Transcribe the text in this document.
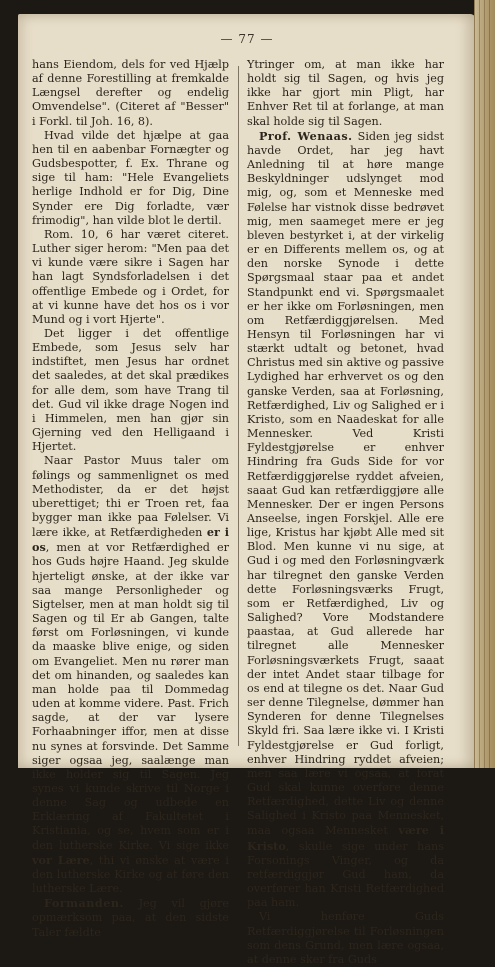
— 77 —

hans Eiendom, dels for ved Hjælp af denne Forestilling at fremkalde Længsel derefter og endelig Omvendelse". (Citeret af "Besser" i Forkl. til Joh. 16, 8).

Hvad vilde det hjælpe at gaa hen til en aabenbar Fornægter og Gudsbespotter, f. Ex. Thrane og sige til ham: "Hele Evangeliets herlige Indhold er for Dig, Dine Synder ere Dig forladte, vær frimodig", han vilde blot le dertil.

Rom. 10, 6 har været citeret. Luther siger herom: "Men paa det vi kunde være sikre i Sagen har han lagt Syndsforladelsen i det offentlige Embede og i Ordet, for at vi kunne have det hos os i vor Mund og i vort Hjerte".

Det ligger i det offentlige Embede, som Jesus selv har indstiftet, men Jesus har ordnet det saaledes, at det skal prædikes for alle dem, som have Trang til det. Gud vil ikke drage Nogen ind i Himmelen, men han gjør sin Gjerning ved den Helligaand i Hjertet.

Naar Pastor Muus taler om følings og sammenlignet os med Methodister, da er det højst uberettiget; thi er Troen ret, faa bygger man ikke paa Følelser. Vi lære ikke, at Retfærdigheden er i os, men at vor Retfærdighed er hos Guds højre Haand. Jeg skulde hjerteligt ønske, at der ikke var saa mange Personligheder og Sigtelser, men at man holdt sig til Sagen og til Er ab Gangen, talte først om Forløsningen, vi kunde da maaske blive enige, og siden om Evangeliet. Men nu rører man det om hinanden, og saaledes kan man holde paa til Dommedag uden at komme videre. Past. Frich sagde, at der var lysere Forhaabninger iffor, men at disse nu synes at forsvinde. Det Samme siger ogsaa jeg, saalænge man ikke holder sig til Sagen. Jeg synes vi kunde skrive til Norge i denne Sag og udbede en Erklæring af Fakultetet i Kristiania, og se, hvem som er i den lutherske Kirke. Vi sige ikke vor Lære, thi vi ønske at være i den lutherske Kirke og at føre den lutherske Lære.

Formanden. Jeg vil gjøre opmærksom paa, at den sidste Taler fældte

Ytringer om, at man ikke har holdt sig til Sagen, og hvis jeg ikke har gjort min Pligt, har Enhver Ret til at forlange, at man skal holde sig til Sagen.

Prof. Wenaas. Siden jeg sidst havde Ordet, har jeg havt Anledning til at høre mange Beskyldninger udslynget mod mig, og, som et Menneske med Følelse har vistnok disse bedrøvet mig, men saameget mere er jeg bleven bestyrket i, at der virkelig er en Differents mellem os, og at den norske Synode i dette Spørgsmaal staar paa et andet Standpunkt end vi. Spørgsmaalet er her ikke om Forløsningen, men om Retfærdiggjørelsen. Med Hensyn til Forløsningen har vi stærkt udtalt og betonet, hvad Christus med sin aktive og passive Lydighed har erhvervet os og den ganske Verden, saa at Forløsning, Retfærdighed, Liv og Salighed er i Kristo, som en Naadeskat for alle Mennesker. Ved Kristi Fyldestgjørelse er enhver Hindring fra Guds Side for vor Retfærdiggjørelse ryddet afveien, saaat Gud kan retfærdiggjøre alle Mennesker. Der er ingen Persons Anseelse, ingen Forskjel. Alle ere lige, Kristus har kjøbt Alle med sit Blod. Men kunne vi nu sige, at Gud i og med den Forløsningværk har tilregnet den ganske Verden dette Forløsningsværks Frugt, som er Retfærdighed, Liv og Salighed? Vore Modstandere paastaa, at Gud allerede har tilregnet alle Mennesker Forløsningsværkets Frugt, saaat der intet Andet staar tilbage for os end at tilegne os det. Naar Gud ser denne Tilegnelse, dømmer han Synderen for denne Tilegnelses Skyld fri. Saa lære ikke vi. I Kristi Fyldestgjørelse er Gud forligt, enhver Hindring ryddet afveien; men saa lære vi ogsaa, at forat Gud skal kunne overføre denne Retfærdighed, dette Liv og denne Salighed i Kristo paa Mennesket, maa ogsaa Mennesket være i Kristo, skulle sige under hans Forsonings Vinger, og da retfærdiggjør Gud ham, da overfører han Kristi Retfærdighed paa ham.

Vi henføre Guds Retfærdiggjørelse til Forløsningen som dens Grund, men lære ogsaa, at denne sker fra Guds
